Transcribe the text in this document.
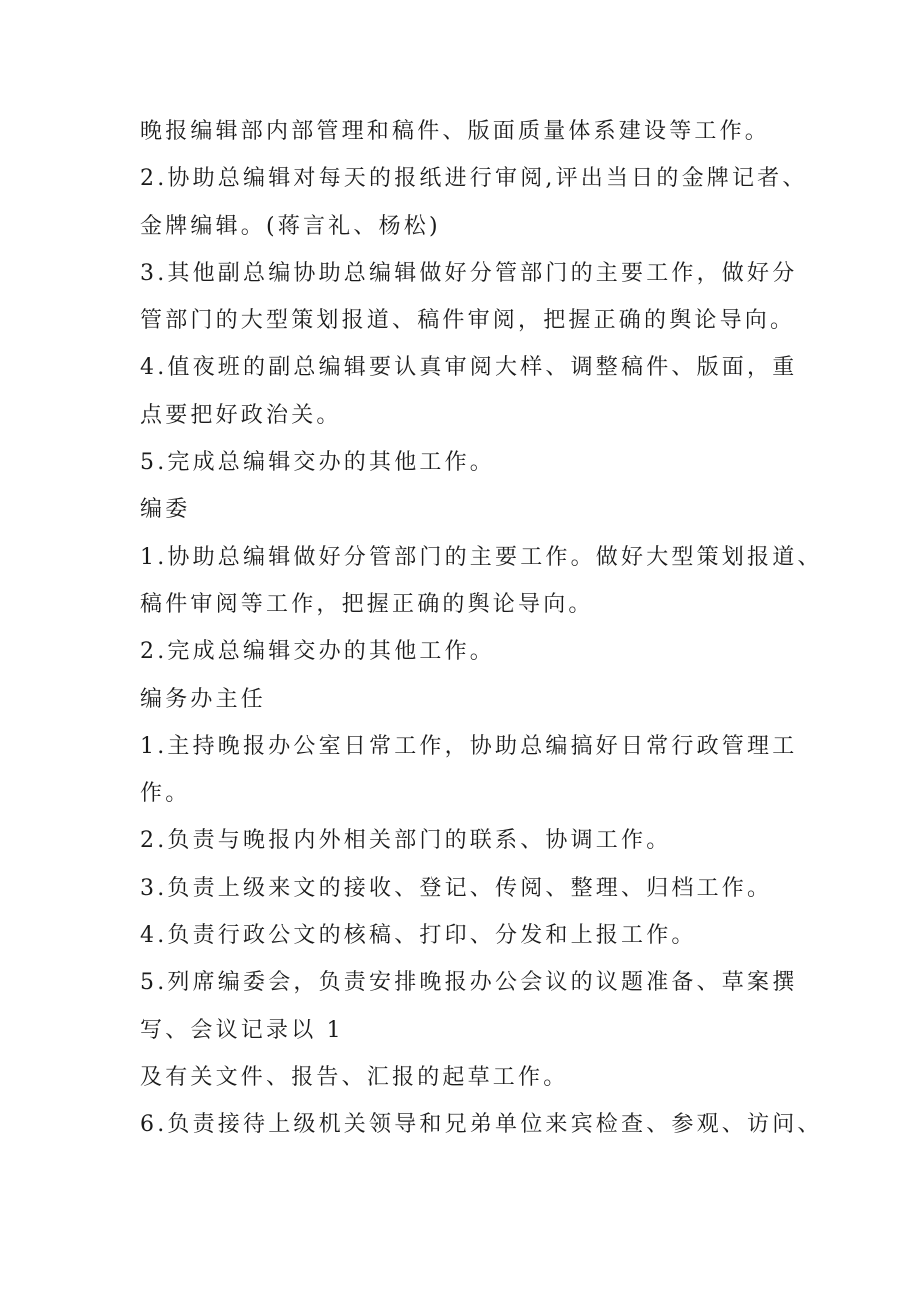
晚报编辑部内部管理和稿件、版面质量体系建设等工作。
2.协助总编辑对每天的报纸进行审阅,评出当日的金牌记者、
金牌编辑。(蒋言礼、杨松)
3.其他副总编协助总编辑做好分管部门的主要工作，做好分
管部门的大型策划报道、稿件审阅，把握正确的舆论导向。
4.值夜班的副总编辑要认真审阅大样、调整稿件、版面，重
点要把好政治关。
5.完成总编辑交办的其他工作。
编委
1.协助总编辑做好分管部门的主要工作。做好大型策划报道、
稿件审阅等工作，把握正确的舆论导向。
2.完成总编辑交办的其他工作。
编务办主任
1.主持晚报办公室日常工作，协助总编搞好日常行政管理工
作。
2.负责与晚报内外相关部门的联系、协调工作。
3.负责上级来文的接收、登记、传阅、整理、归档工作。
4.负责行政公文的核稿、打印、分发和上报工作。
5.列席编委会，负责安排晚报办公会议的议题准备、草案撰
写、会议记录以 1
及有关文件、报告、汇报的起草工作。
6.负责接待上级机关领导和兄弟单位来宾检查、参观、访问、
